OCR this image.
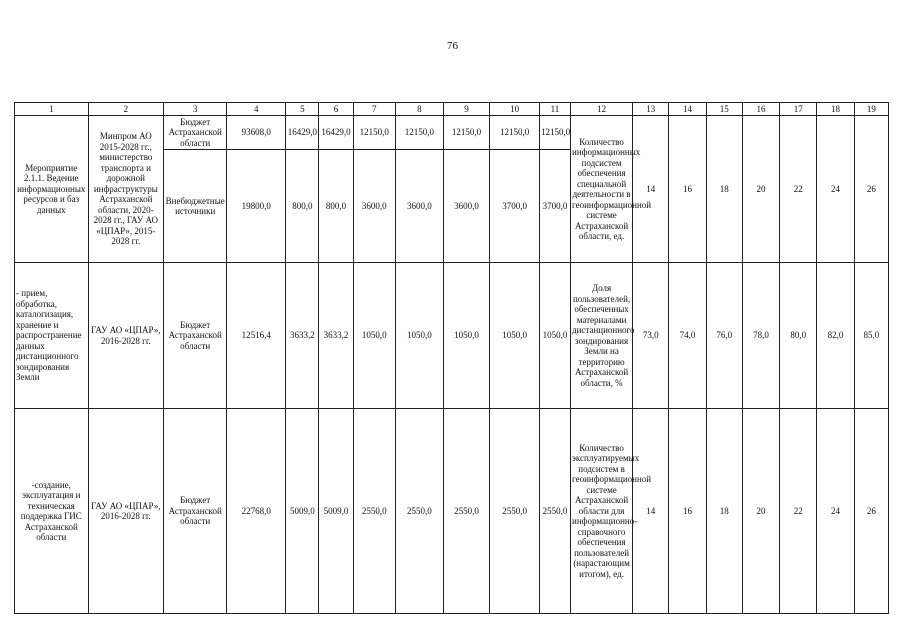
76
1	2	3	4	5	6	7	8	9	10	11	12	13	14	15	16	17	18	19
Мероприятие 2.1.1. Ведение информационных ресурсов и баз данных	Минпром АО 2015-2028 гг., министерство транспорта и дорожной инфраструктуры Астраханской области, 2020-2028 гг., ГАУ АО «ЦПАР», 2015-2028 гг.	Бюджет Астраханской области	93608,0	16429,0	16429,0	12150,0	12150,0	12150,0	12150,0	12150,0	Количество информационных подсистем обеспечения специальной деятельности в геоинформационной системе Астраханской области, ед.	14	16	18	20	22	24	26
		Внебюджетные источники	19800,0	800,0	800,0	3600,0	3600,0	3600,0	3700,0	3700,0								
- прием, обработка, каталогизация, хранение и распространение данных дистанционного зондирования Земли	ГАУ АО «ЦПАР», 2016-2028 гг.	Бюджет Астраханской области	12516,4	3633,2	3633,2	1050,0	1050,0	1050,0	1050,0	1050,0	Доля пользователей, обеспеченных материалами дистанционного зондирования Земли на территорию Астраханской области, %	73,0	74,0	76,0	78,0	80,0	82,0	85,0
-создание, эксплуатация и техническая поддержка ГИС Астраханской области	ГАУ АО «ЦПАР», 2016-2028 гг.	Бюджет Астраханской области	22768,0	5009,0	5009,0	2550,0	2550,0	2550,0	2550,0	2550,0	Количество эксплуатируемых подсистем в геоинформационной системе Астраханской области для информационно-справочного обеспечения пользователей (нарастающим итогом), ед.	14	16	18	20	22	24	26
